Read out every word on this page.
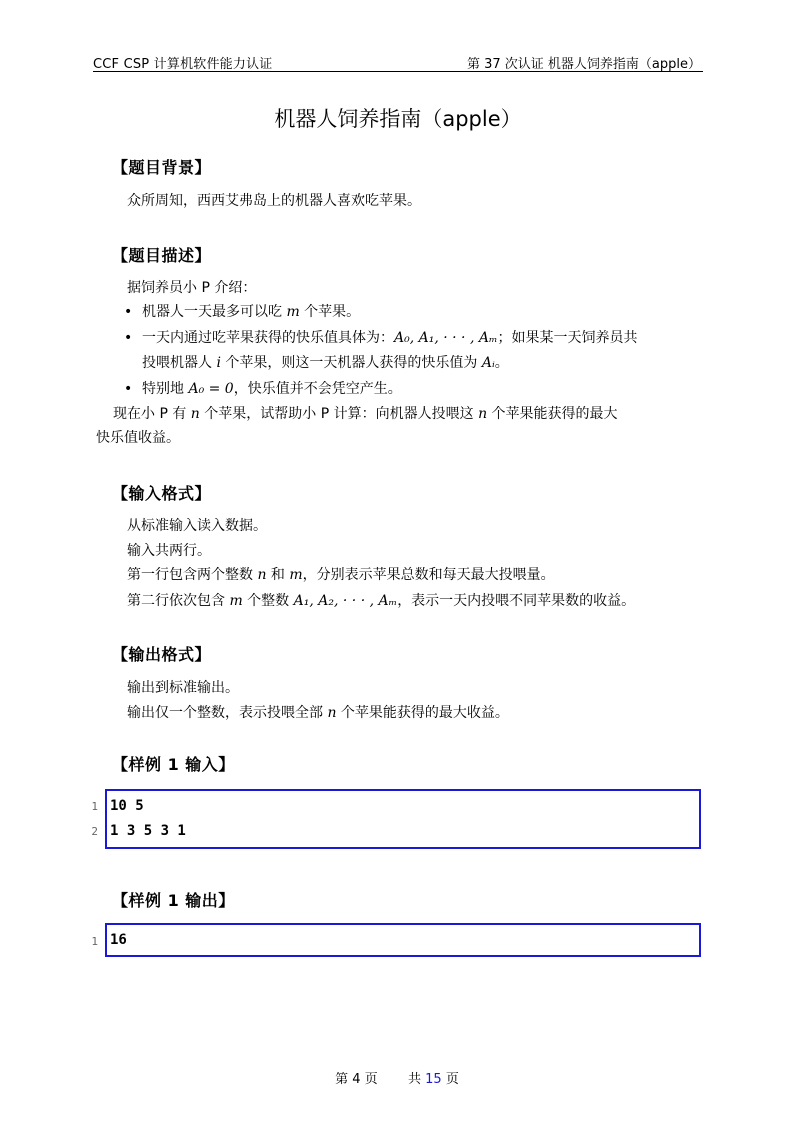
CCF CSP 计算机软件能力认证	第 37 次认证 机器人饲养指南（apple）
机器人饲养指南（apple）
【题目背景】
众所周知，西西艾弗岛上的机器人喜欢吃苹果。
【题目描述】
据饲养员小 P 介绍：
• 机器人一天最多可以吃 m 个苹果。
• 一天内通过吃苹果获得的快乐值具体为：A₀, A₁, · · · , Aₘ；如果某一天饲养员共
投喂机器人 i 个苹果，则这一天机器人获得的快乐值为 Aᵢ。
• 特别地 A₀ = 0，快乐值并不会凭空产生。
现在小 P 有 n 个苹果，试帮助小 P 计算：向机器人投喂这 n 个苹果能获得的最大
快乐值收益。
【输入格式】
从标准输入读入数据。
输入共两行。
第一行包含两个整数 n 和 m，分别表示苹果总数和每天最大投喂量。
第二行依次包含 m 个整数 A₁, A₂, · · · , Aₘ，表示一天内投喂不同苹果数的收益。
【输出格式】
输出到标准输出。
输出仅一个整数，表示投喂全部 n 个苹果能获得的最大收益。
【样例 1 输入】
1 10 5
2 1 3 5 3 1
【样例 1 输出】
1 16
第 4 页 共 15 页
